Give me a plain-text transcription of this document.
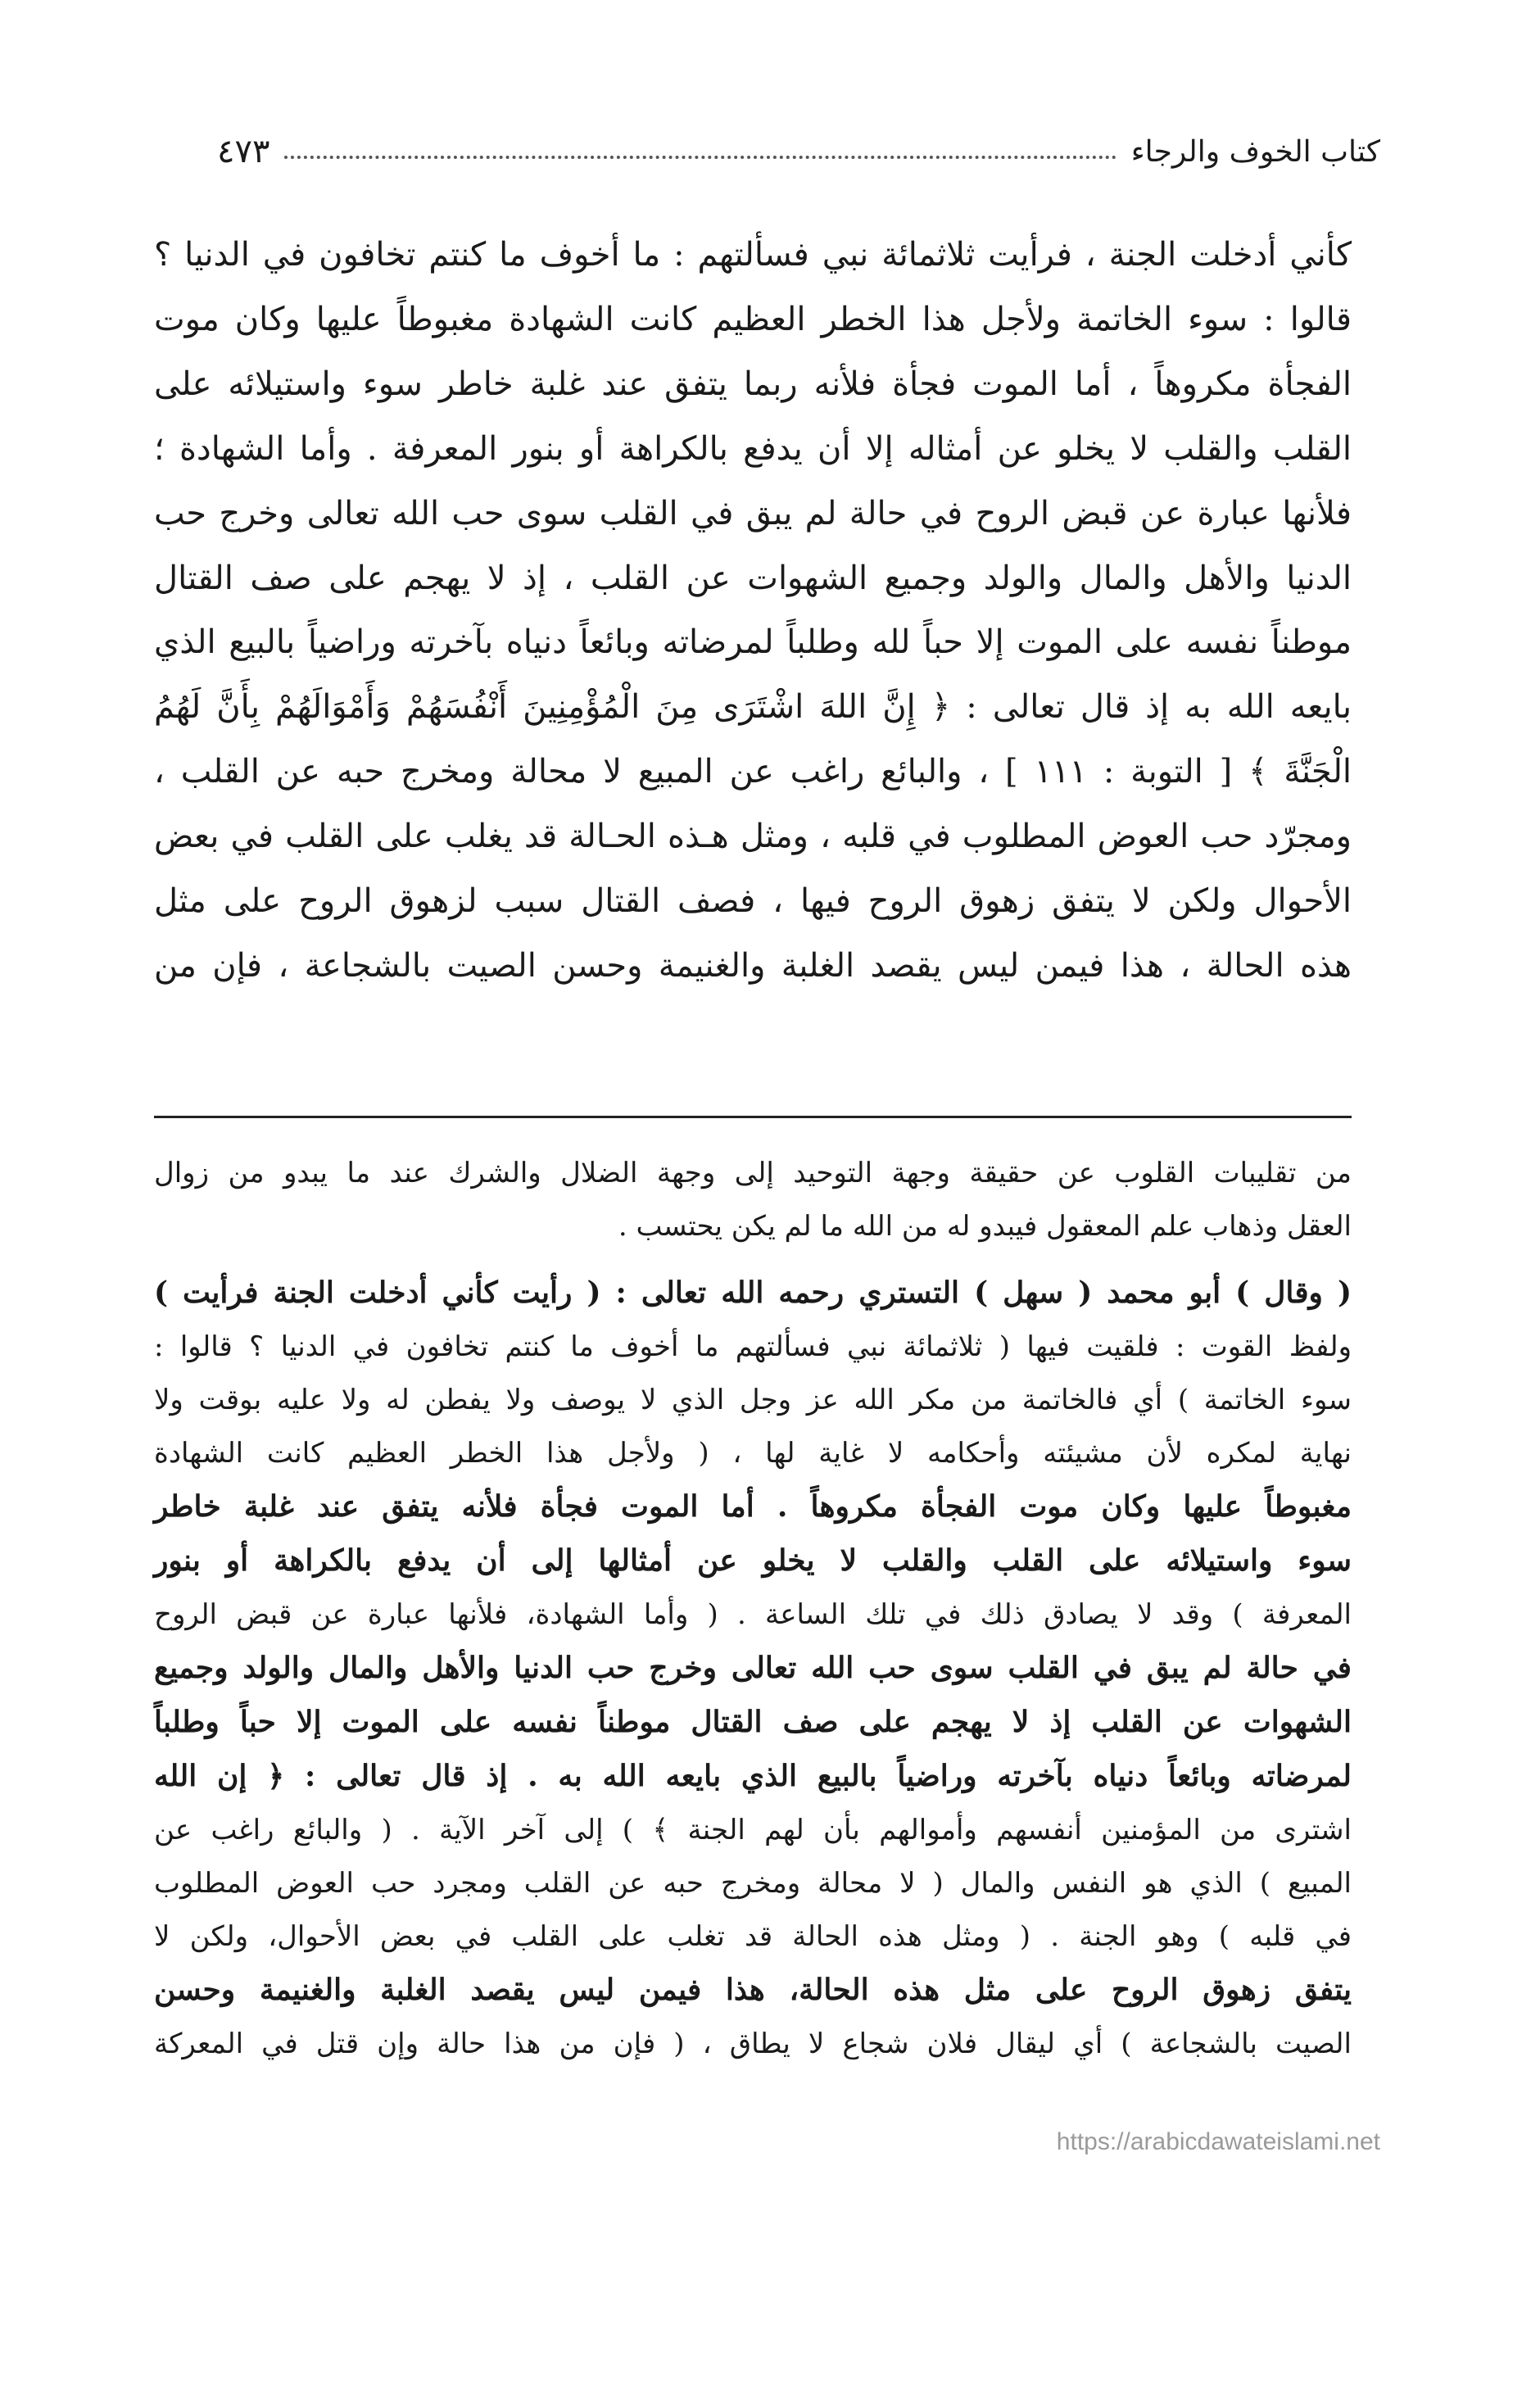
كتاب الخوف والرجاء
٤٧٣

كأني أدخلت الجنة ، فرأيت ثلاثمائة نبي فسألتهم : ما أخوف ما كنتم تخافون في الدنيا ؟

قالوا : سوء الخاتمة ولأجل هذا الخطر العظيم كانت الشهادة مغبوطاً عليها وكان موت

الفجأة مكروهاً ، أما الموت فجأة فلأنه ربما يتفق عند غلبة خاطر سوء واستيلائه على

القلب والقلب لا يخلو عن أمثاله إلا أن يدفع بالكراهة أو بنور المعرفة . وأما الشهادة ؛

فلأنها عبارة عن قبض الروح في حالة لم يبق في القلب سوى حب الله تعالى وخرج حب

الدنيا والأهل والمال والولد وجميع الشهوات عن القلب ، إذ لا يهجم على صف القتال

موطناً نفسه على الموت إلا حباً لله وطلباً لمرضاته وبائعاً دنياه بآخرته وراضياً بالبيع الذي

بايعه الله به إذ قال تعالى : ﴿ إِنَّ اللهَ اشْتَرَى مِنَ الْمُؤْمِنِينَ أَنْفُسَهُمْ وَأَمْوَالَهُمْ بِأَنَّ لَهُمُ

الْجَنَّةَ ﴾ [ التوبة : ١١١ ] ، والبائع راغب عن المبيع لا محالة ومخرج حبه عن القلب ،

ومجرّد حب العوض المطلوب في قلبه ، ومثل هـذه الحـالة قد يغلب على القلب في بعض

الأحوال ولكن لا يتفق زهوق الروح فيها ، فصف القتال سبب لزهوق الروح على مثل

هذه الحالة ، هذا فيمن ليس يقصد الغلبة والغنيمة وحسن الصيت بالشجاعة ، فإن من

من تقليبات القلوب عن حقيقة وجهة التوحيد إلى وجهة الضلال والشرك عند ما يبدو من زوال

العقل وذهاب علم المعقول فيبدو له من الله ما لم يكن يحتسب .

( وقال ) أبو محمد ( سهل ) التستري رحمه الله تعالى : ( رأيت كأني أدخلت الجنة فرأيت )

ولفظ القوت : فلقيت فيها ( ثلاثمائة نبي فسألتهم ما أخوف ما كنتم تخافون في الدنيا ؟ قالوا :

سوء الخاتمة ) أي فالخاتمة من مكر الله عز وجل الذي لا يوصف ولا يفطن له ولا عليه بوقت ولا

نهاية لمكره لأن مشيئته وأحكامه لا غاية لها ، ( ولأجل هذا الخطر العظيم كانت الشهادة

مغبوطاً عليها وكان موت الفجأة مكروهاً . أما الموت فجأة فلأنه يتفق عند غلبة خاطر

سوء واستيلائه على القلب والقلب لا يخلو عن أمثالها إلى أن يدفع بالكراهة أو بنور

المعرفة ) وقد لا يصادق ذلك في تلك الساعة . ( وأما الشهادة، فلأنها عبارة عن قبض الروح

في حالة لم يبق في القلب سوى حب الله تعالى وخرج حب الدنيا والأهل والمال والولد وجميع

الشهوات عن القلب إذ لا يهجم على صف القتال موطناً نفسه على الموت إلا حباً وطلباً

لمرضاته وبائعاً دنياه بآخرته وراضياً بالبيع الذي بايعه الله به . إذ قال تعالى : ﴿ إن الله

اشترى من المؤمنين أنفسهم وأموالهم بأن لهم الجنة ﴾ ) إلى آخر الآية . ( والبائع راغب عن

المبيع ) الذي هو النفس والمال ( لا محالة ومخرج حبه عن القلب ومجرد حب العوض المطلوب

في قلبه ) وهو الجنة . ( ومثل هذه الحالة قد تغلب على القلب في بعض الأحوال، ولكن لا

يتفق زهوق الروح على مثل هذه الحالة، هذا فيمن ليس يقصد الغلبة والغنيمة وحسن

الصيت بالشجاعة ) أي ليقال فلان شجاع لا يطاق ، ( فإن من هذا حالة وإن قتل في المعركة

https://arabicdawateislami.net
